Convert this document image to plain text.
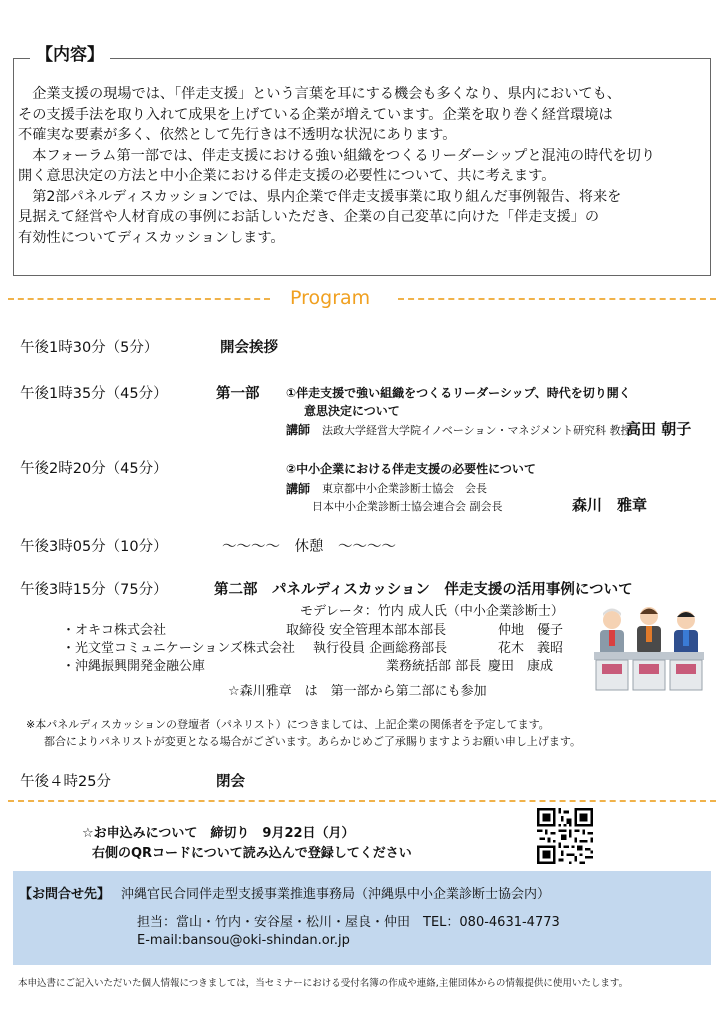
【内容】

　企業支援の現場では、「伴走支援」という言葉を耳にする機会も多くなり、県内においても、

その支援手法を取り入れて成果を上げている企業が増えています。企業を取り巻く経営環境は

不確実な要素が多く、依然として先行きは不透明な状況にあります。

　本フォーラム第一部では、伴走支援における強い組織をつくるリーダーシップと混沌の時代を切り

開く意思決定の方法と中小企業における伴走支援の必要性について、共に考えます。

　第2部パネルディスカッションでは、県内企業で伴走支援事業に取り組んだ事例報告、将来を

見据えて経営や人材育成の事例にお話しいただき、企業の自己変革に向けた「伴走支援」の

有効性についてディスカッションします。

Program
午後1時30分（5分）	開会挨拶
午後1時35分（45分）	第一部 ①伴走支援で強い組織をつくるリーダーシップ、時代を切り開く
意思決定について
講師 法政大学経営大学院イノベーション・マネジメント研究科 教授
高田 朝子
午後2時20分（45分）	②中小企業における伴走支援の必要性について
講師 東京都中小企業診断士協会　会長
日本中小企業診断士協会連合会 副会長	森川　雅章
午後3時05分（10分）	～～～～　休憩　～～～～
午後3時15分（75分）	第二部　パネルディスカッション　伴走支援の活用事例について
モデレータ：竹内 成人氏（中小企業診断士）
・オキコ株式会社	取締役 安全管理本部本部長	仲地　優子
・光文堂コミュニケーションズ株式会社 執行役員 企画総務部長	花木　義昭
・沖縄振興開発金融公庫	業務統括部 部長 慶田　康成
☆森川雅章　は　第一部から第二部にも参加
※本パネルディスカッションの登壇者（パネリスト）につきましては、上記企業の関係者を予定してます。
都合によりパネリストが変更となる場合がございます。あらかじめご了承賜りますようお願い申し上げます。
午後４時25分	閉会
☆お申込みについて　締切り　9月22日（月）
右側のQRコードについて読み込んで登録してください
【お問合せ先】 沖縄官民合同伴走型支援事業推進事務局（沖縄県中小企業診断士協会内）
担当：當山・竹内・安谷屋・松川・屋良・仲田　TEL：080-4631-4773
E-mail:bansou@oki-shindan.or.jp
本申込書にご記入いただいた個人情報につきましては，当セミナーにおける受付名簿の作成や連絡,主催団体からの情報提供に使用いたします。
